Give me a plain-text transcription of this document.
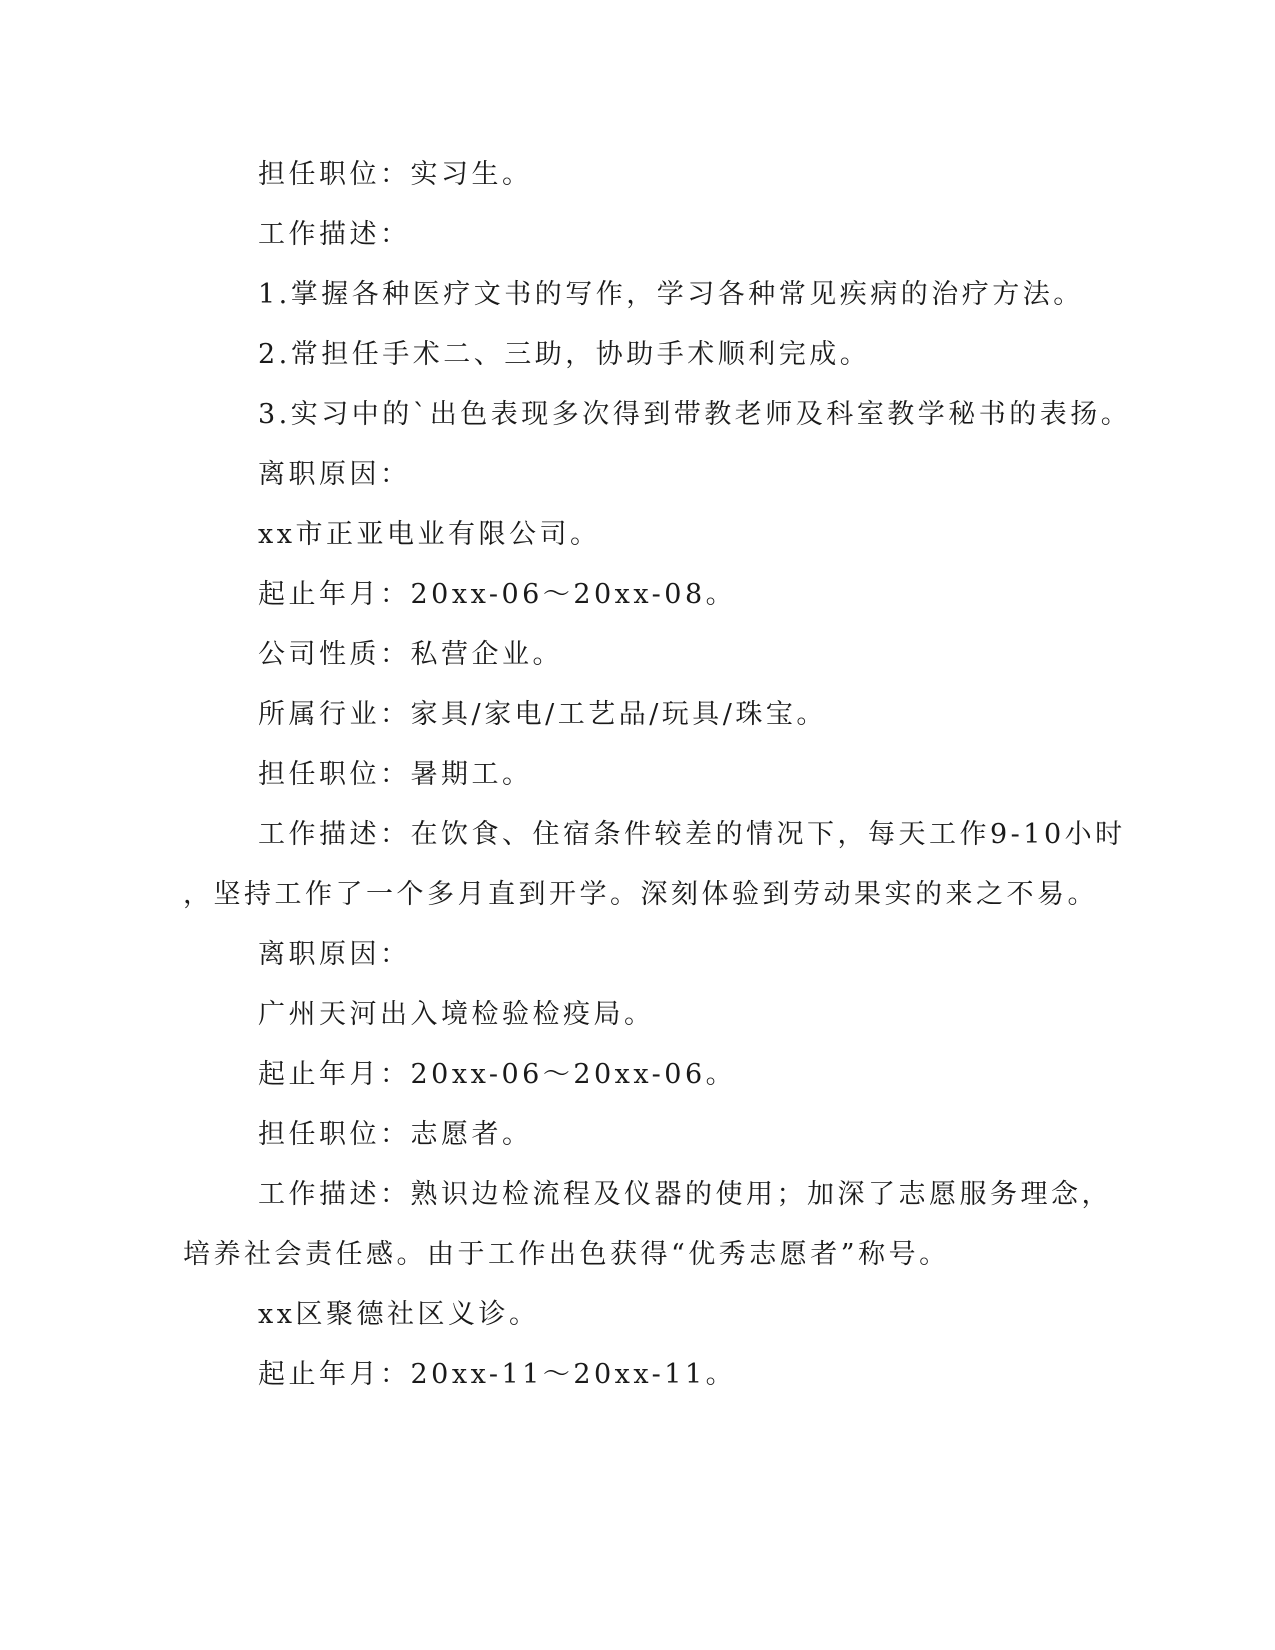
担任职位：实习生。
工作描述：
1.掌握各种医疗文书的写作，学习各种常见疾病的治疗方法。
2.常担任手术二、三助，协助手术顺利完成。
3.实习中的`出色表现多次得到带教老师及科室教学秘书的表扬。
离职原因：
xx市正亚电业有限公司。
起止年月：20xx-06～20xx-08。
公司性质：私营企业。
所属行业：家具/家电/工艺品/玩具/珠宝。
担任职位：暑期工。
工作描述：在饮食、住宿条件较差的情况下，每天工作9-10小时
，坚持工作了一个多月直到开学。深刻体验到劳动果实的来之不易。
离职原因：
广州天河出入境检验检疫局。
起止年月：20xx-06～20xx-06。
担任职位：志愿者。
工作描述：熟识边检流程及仪器的使用；加深了志愿服务理念，
培养社会责任感。由于工作出色获得“优秀志愿者”称号。
xx区聚德社区义诊。
起止年月：20xx-11～20xx-11。
